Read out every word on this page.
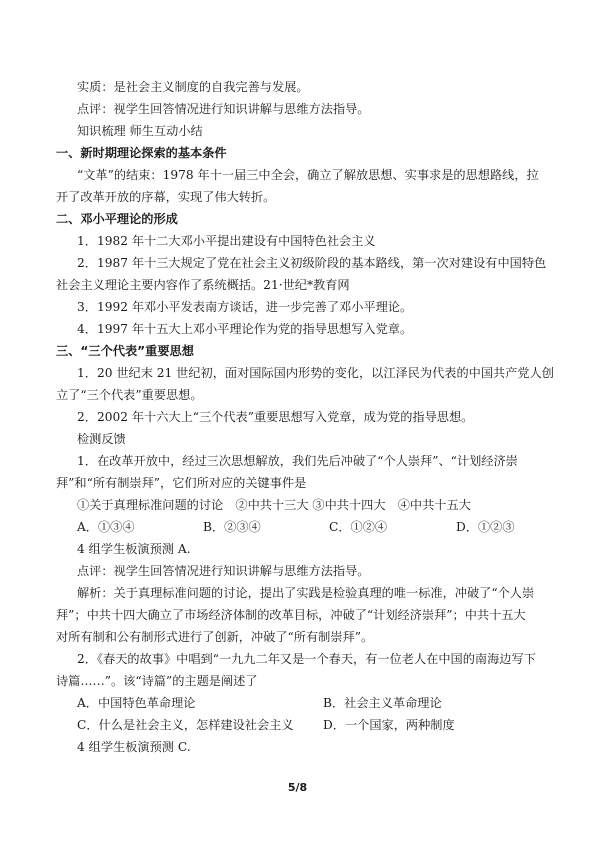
实质：是社会主义制度的自我完善与发展。
点评：视学生回答情况进行知识讲解与思维方法指导。
知识梳理 师生互动小结
一、新时期理论探索的基本条件
“文革”的结束：1978 年十一届三中全会，确立了解放思想、实事求是的思想路线，拉
开了改革开放的序幕，实现了伟大转折。
二、邓小平理论的形成
1．1982 年十二大邓小平提出建设有中国特色社会主义
2．1987 年十三大规定了党在社会主义初级阶段的基本路线，第一次对建设有中国特色
社会主义理论主要内容作了系统概括。21·世纪*教育网
3．1992 年邓小平发表南方谈话，进一步完善了邓小平理论。
4．1997 年十五大上邓小平理论作为党的指导思想写入党章。
三、“三个代表”重要思想
1．20 世纪末 21 世纪初，面对国际国内形势的变化，以江泽民为代表的中国共产党人创
立了“三个代表”重要思想。
2．2002 年十六大上“三个代表”重要思想写入党章，成为党的指导思想。
检测反馈
1．在改革开放中，经过三次思想解放，我们先后冲破了“个人崇拜”、“计划经济崇
拜”和“所有制崇拜”，它们所对应的关键事件是
①关于真理标准问题的讨论　②中共十三大 ③中共十四大　④中共十五大
A．①③④	B．②③④	C．①②④	D．①②③
4 组学生板演预测 A.
点评：视学生回答情况进行知识讲解与思维方法指导。
解析：关于真理标准问题的讨论，提出了实践是检验真理的唯一标准，冲破了“个人崇
拜”；中共十四大确立了市场经济体制的改革目标，冲破了“计划经济崇拜”；中共十五大
对所有制和公有制形式进行了创新，冲破了“所有制崇拜”。
2．《春天的故事》中唱到“一九九二年又是一个春天，有一位老人在中国的南海边写下
诗篇……”。该“诗篇”的主题是阐述了
A．中国特色革命理论	B．社会主义革命理论
C．什么是社会主义，怎样建设社会主义 D．一个国家，两种制度
4 组学生板演预测 C.
5/8
